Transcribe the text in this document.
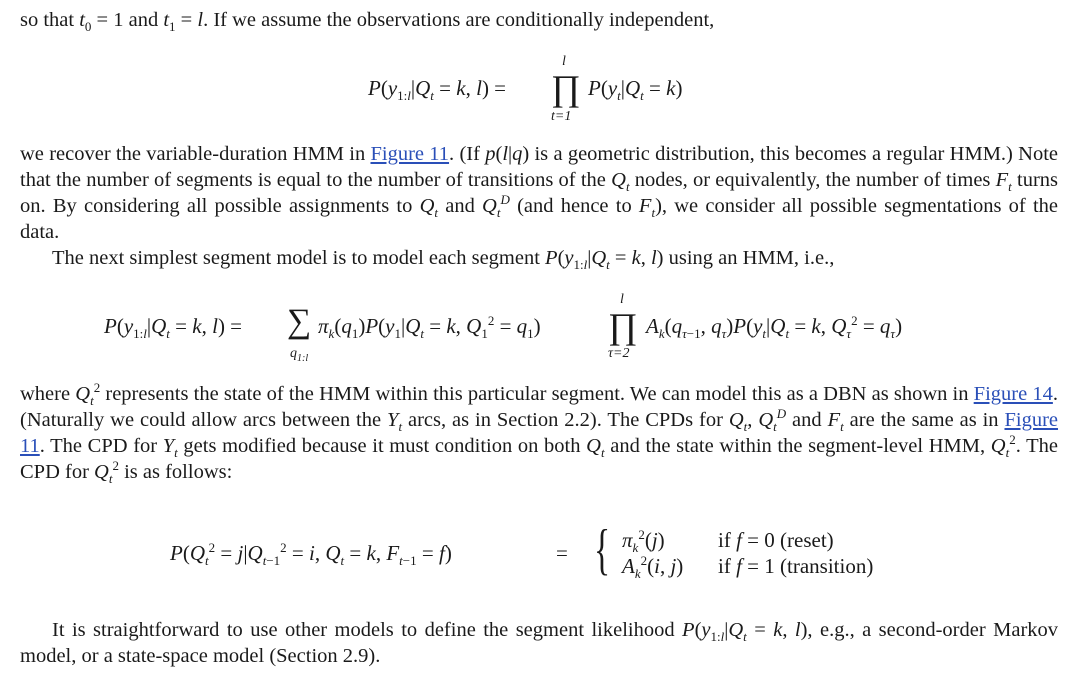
so that $t_0 = 1$ and $t_1 = l$. If we assume the observations are conditionally independent,
$P(y_{1:l}|Q_t = k$, l) =
l
∏
t=1
$P(y_t|Q_t = k)$

we recover the variable-duration HMM in Figure 11. (If p(l|q) is a geometric distribution, this becomes a regular HMM.) Note that the number of segments is equal to the number of transitions of the $Q_t$ nodes, or equivalently, the number of times $F_t$ turns on. By considering all possible assignments to $Q_t$ and $Q_t^D$ (and hence to $F_t$), we consider all possible segmentations of the data.

The next simplest segment model is to model each segment $P(y_{1:l}|Q_t = k$, l) using an HMM, i.e.,

$P(y_{1:l}|Q_t = k$, l) = ∑
$q_{1:l}$
$\pi_k(q_1)P(y_1|Q_t = k$, $Q_1^2 = q_1$)
l
∏
τ=2
$A_k(q_{\tau-1}$, $q_\tau)P(y_t|Q_t = k$, $Q_\tau^2 = q_\tau$)

where $Q_t^2$ represents the state of the HMM within this particular segment. We can model this as a DBN as shown in Figure 14. (Naturally we could allow arcs between the $Y_t$ arcs, as in Section 2.2). The CPDs for $Q_t$, $Q_t^D$ and $F_t$ are the same as in Figure 11. The CPD for $Y_t$ gets modified because it must condition on both $Q_t$ and the state within the segment-level HMM, $Q_t^2$. The CPD for $Q_t^2$ is as follows:

$P(Q_t^2 = j|Q_{t-1}^2 = i$, $Q_t = k$, $F_{t-1} = f$)	= { $\pi_k^2(j)$	if f = 0 (reset)
$A_k^2(i$, j) if f = 1 (transition)

It is straightforward to use other models to define the segment likelihood $P(y_{1:l}|Q_t = k$, l), e.g., a second-order Markov model, or a state-space model (Section 2.9).
